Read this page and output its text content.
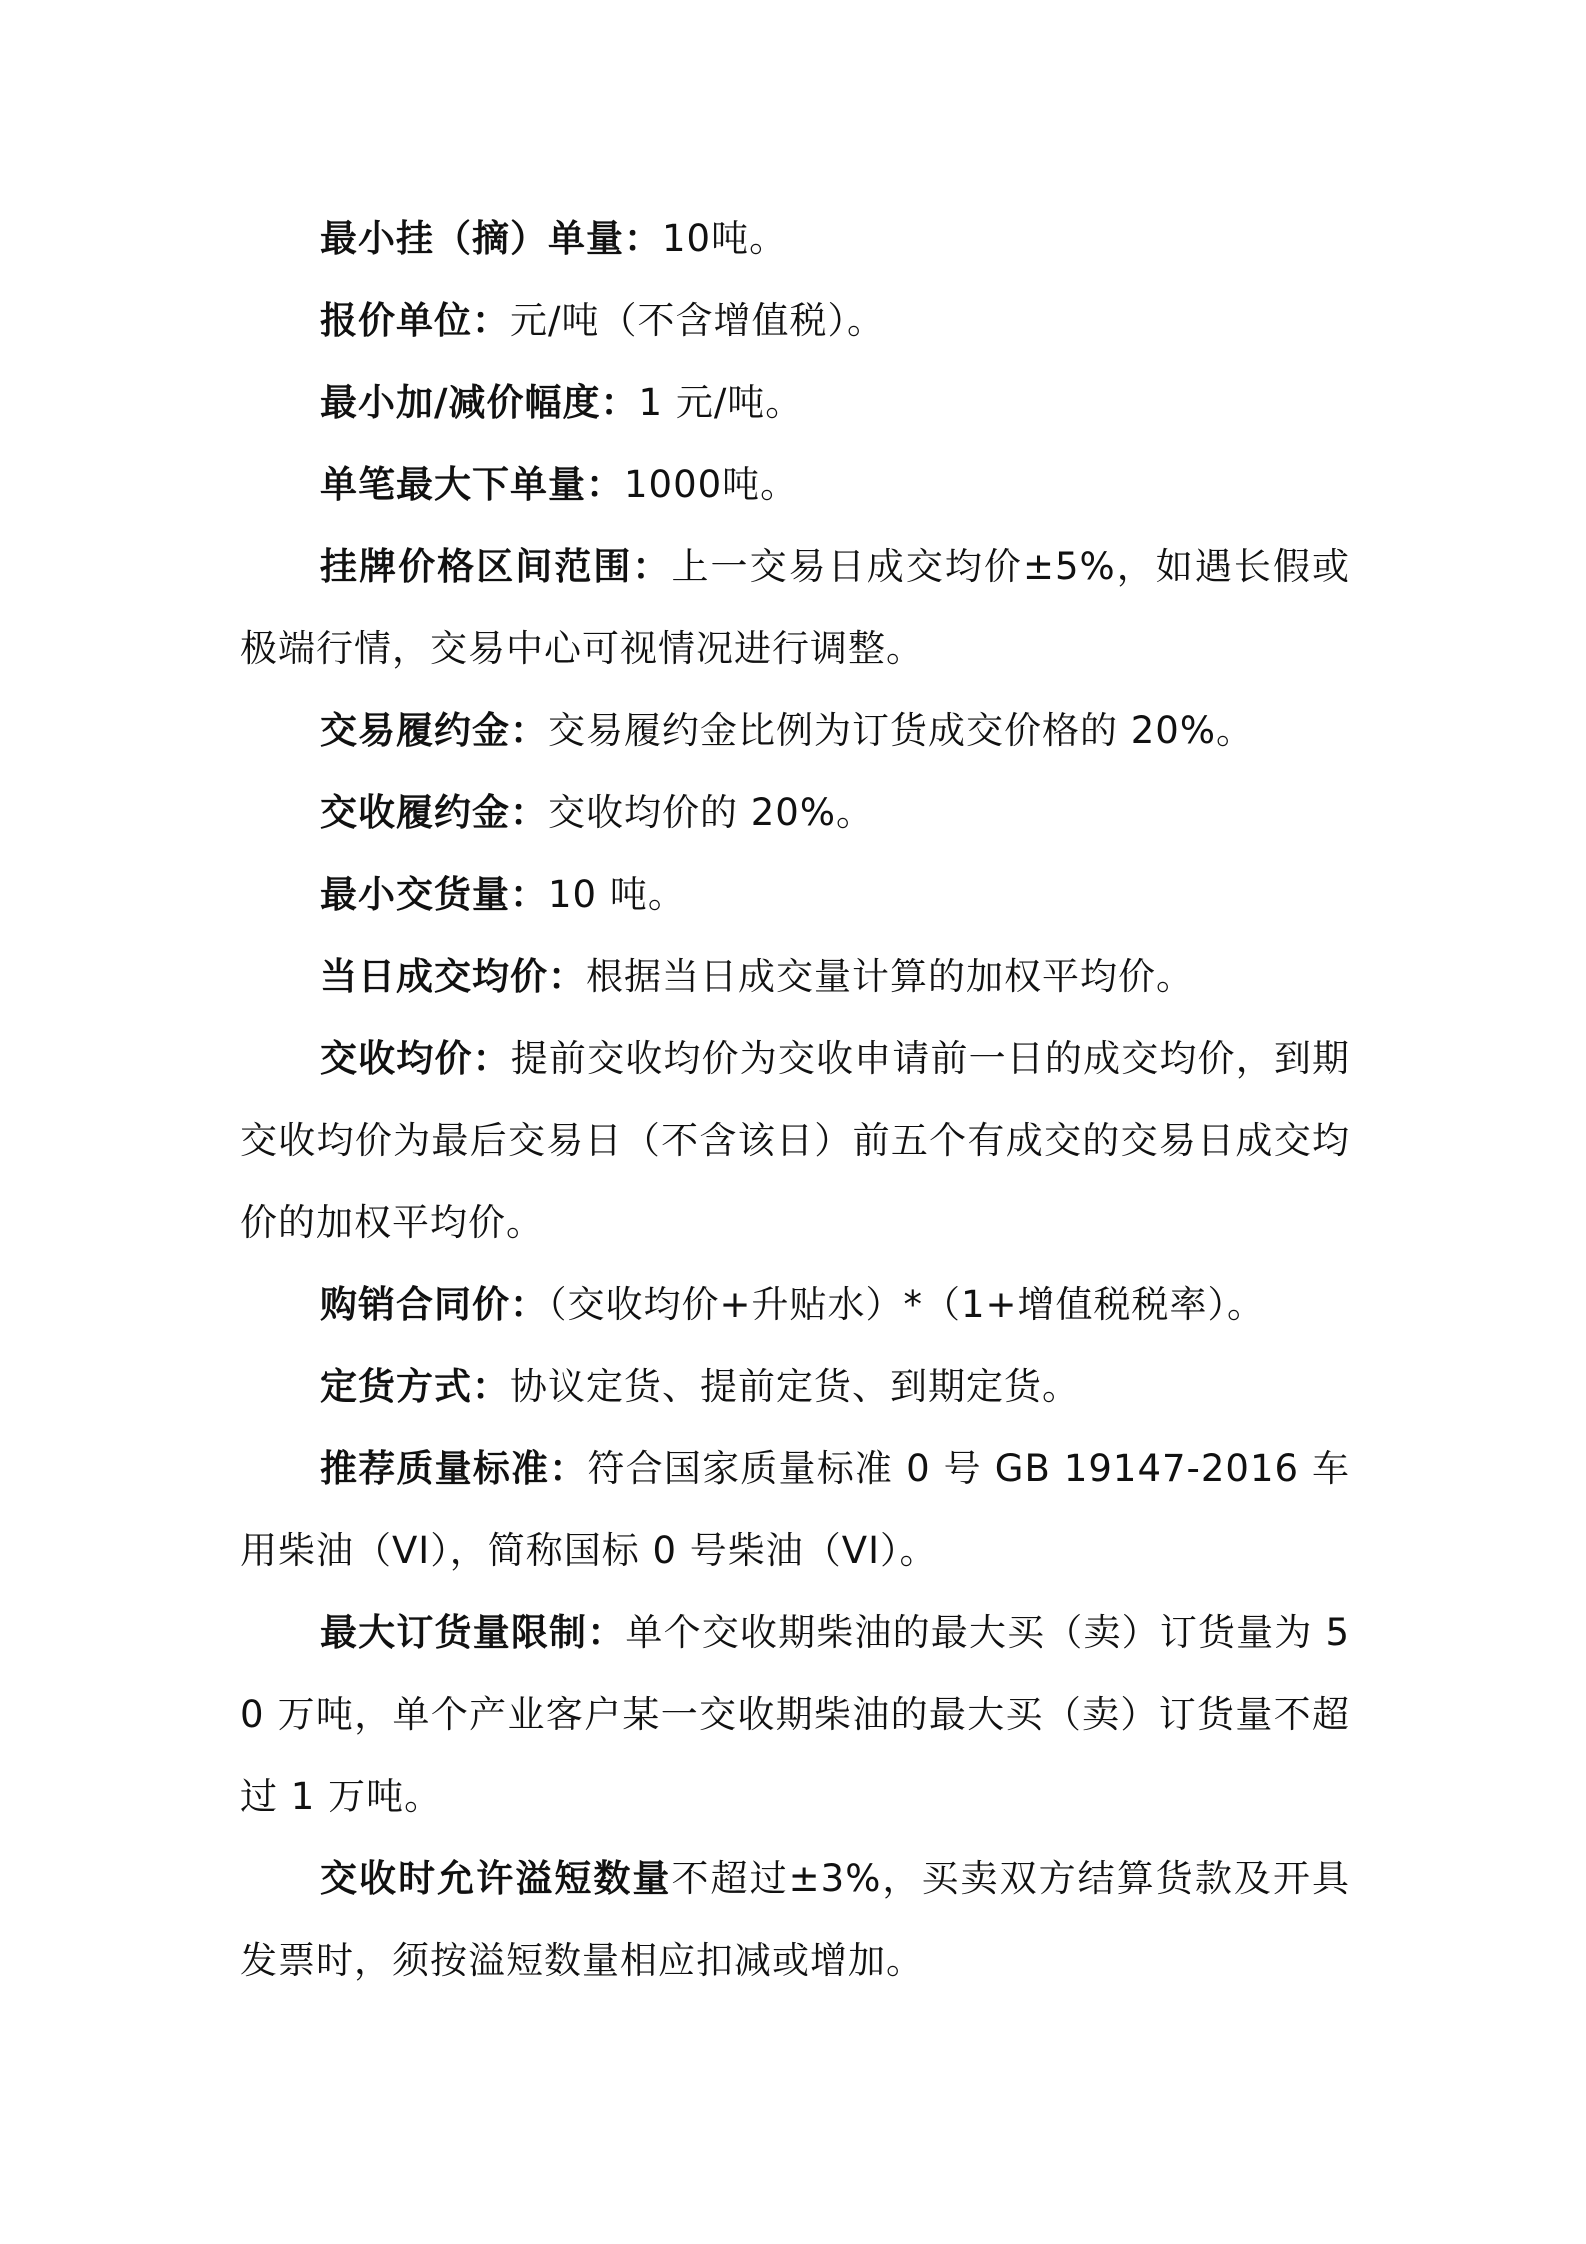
最小挂（摘）单量：10吨。

报价单位：元/吨（不含增值税）。

最小加/减价幅度：1 元/吨。

单笔最大下单量：1000吨。

挂牌价格区间范围：上一交易日成交均价±5%，如遇长假或极端行情，交易中心可视情况进行调整。

交易履约金：交易履约金比例为订货成交价格的 20%。

交收履约金：交收均价的 20%。

最小交货量：10 吨。

当日成交均价：根据当日成交量计算的加权平均价。

交收均价：提前交收均价为交收申请前一日的成交均价，到期交收均价为最后交易日（不含该日）前五个有成交的交易日成交均价的加权平均价。

购销合同价：（交收均价+升贴水）*（1+增值税税率）。

定货方式：协议定货、提前定货、到期定货。

推荐质量标准：符合国家质量标准 0 号 GB 19147-2016 车用柴油（VI），简称国标 0 号柴油（VI）。

最大订货量限制：单个交收期柴油的最大买（卖）订货量为 50 万吨，单个产业客户某一交收期柴油的最大买（卖）订货量不超过 1 万吨。

交收时允许溢短数量不超过±3%，买卖双方结算货款及开具发票时，须按溢短数量相应扣减或增加。
